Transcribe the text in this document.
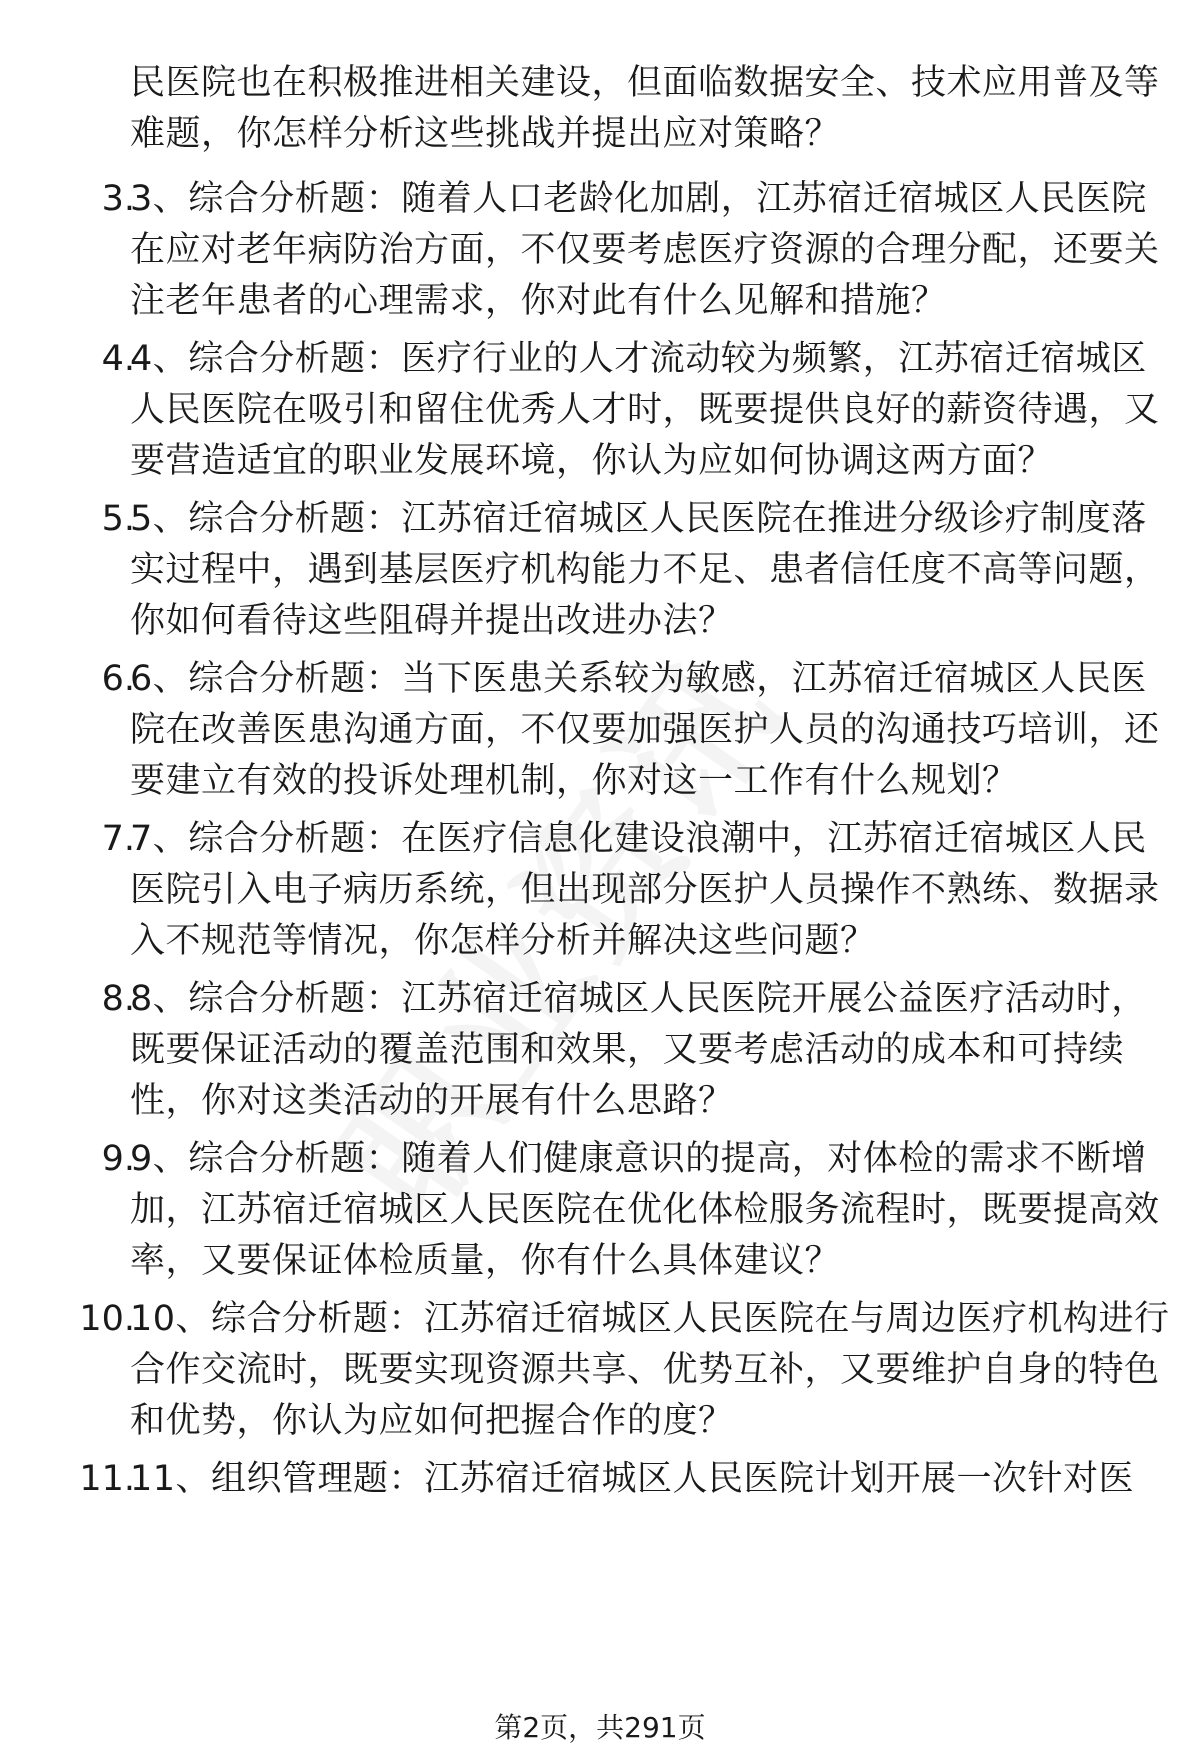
民医院也在积极推进相关建设，但面临数据安全、技术应用普及等难题，你怎样分析这些挑战并提出应对策略？
3.
3、综合分析题：随着人口老龄化加剧，江苏宿迁宿城区人民医院在应对老年病防治方面，不仅要考虑医疗资源的合理分配，还要关注老年患者的心理需求，你对此有什么见解和措施？
4.
4、综合分析题：医疗行业的人才流动较为频繁，江苏宿迁宿城区人民医院在吸引和留住优秀人才时，既要提供良好的薪资待遇，又要营造适宜的职业发展环境，你认为应如何协调这两方面？
5.
5、综合分析题：江苏宿迁宿城区人民医院在推进分级诊疗制度落实过程中，遇到基层医疗机构能力不足、患者信任度不高等问题，你如何看待这些阻碍并提出改进办法？
6.
6、综合分析题：当下医患关系较为敏感，江苏宿迁宿城区人民医院在改善医患沟通方面，不仅要加强医护人员的沟通技巧培训，还要建立有效的投诉处理机制，你对这一工作有什么规划？
7.
7、综合分析题：在医疗信息化建设浪潮中，江苏宿迁宿城区人民医院引入电子病历系统，但出现部分医护人员操作不熟练、数据录入不规范等情况，你怎样分析并解决这些问题？
8.
8、综合分析题：江苏宿迁宿城区人民医院开展公益医疗活动时，既要保证活动的覆盖范围和效果，又要考虑活动的成本和可持续性，你对这类活动的开展有什么思路？
9.
9、综合分析题：随着人们健康意识的提高，对体检的需求不断增加，江苏宿迁宿城区人民医院在优化体检服务流程时，既要提高效率，又要保证体检质量，你有什么具体建议？
10.
10、综合分析题：江苏宿迁宿城区人民医院在与周边医疗机构进行合作交流时，既要实现资源共享、优势互补，又要维护自身的特色和优势，你认为应如何把握合作的度？
11.
11、组织管理题：江苏宿迁宿城区人民医院计划开展一次针对医
第2页，共291页
